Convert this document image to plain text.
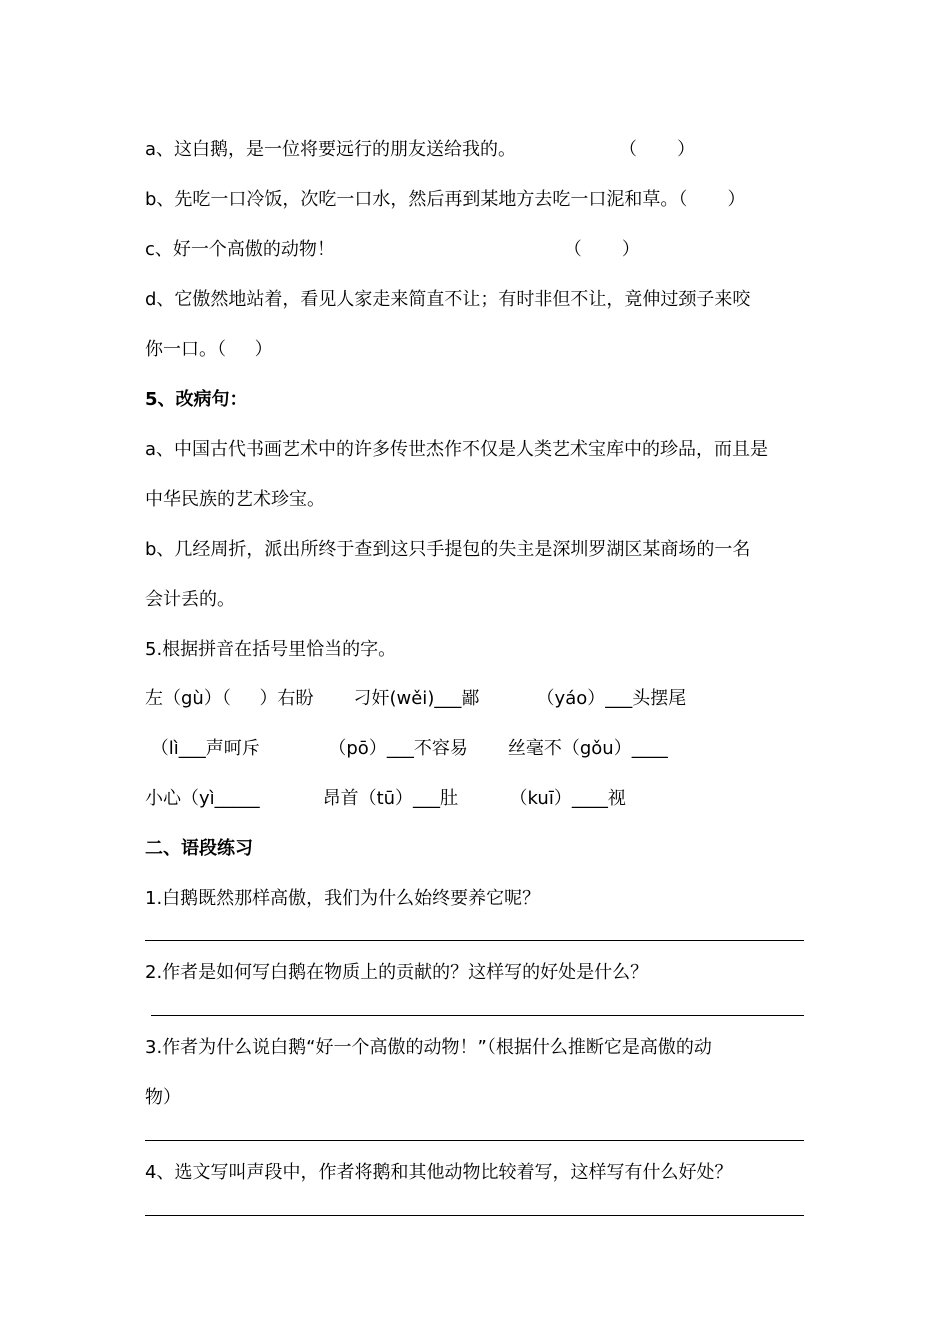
a、这白鹅，是一位将要远行的朋友送给我的。                  （       ）
b、先吃一口冷饭，次吃一口水，然后再到某地方去吃一口泥和草。（       ）
c、好一个高傲的动物！                                        （       ）
d、它傲然地站着，看见人家走来简直不让；有时非但不让，竟伸过颈子来咬
你一口。（     ）
5、改病句：
a、中国古代书画艺术中的许多传世杰作不仅是人类艺术宝库中的珍品，而且是
中华民族的艺术珍宝。
b、几经周折，派出所终于查到这只手提包的失主是深圳罗湖区某商场的一名
会计丢的。
5.根据拼音在括号里恰当的字。
左（gù）（     ）右盼       刁奸(wěi)___鄙          （yáo）___头摆尾
（lì___声呵斥            （pō）___不容易       丝毫不（gǒu）____
小心（yì_____           昂首（tū）___肚         （kuī）____视
二、语段练习
1.白鹅既然那样高傲，我们为什么始终要养它呢？
2.作者是如何写白鹅在物质上的贡献的？这样写的好处是什么？
3.作者为什么说白鹅“好一个高傲的动物！”（根据什么推断它是高傲的动
物）
4、选文写叫声段中，作者将鹅和其他动物比较着写，这样写有什么好处？
